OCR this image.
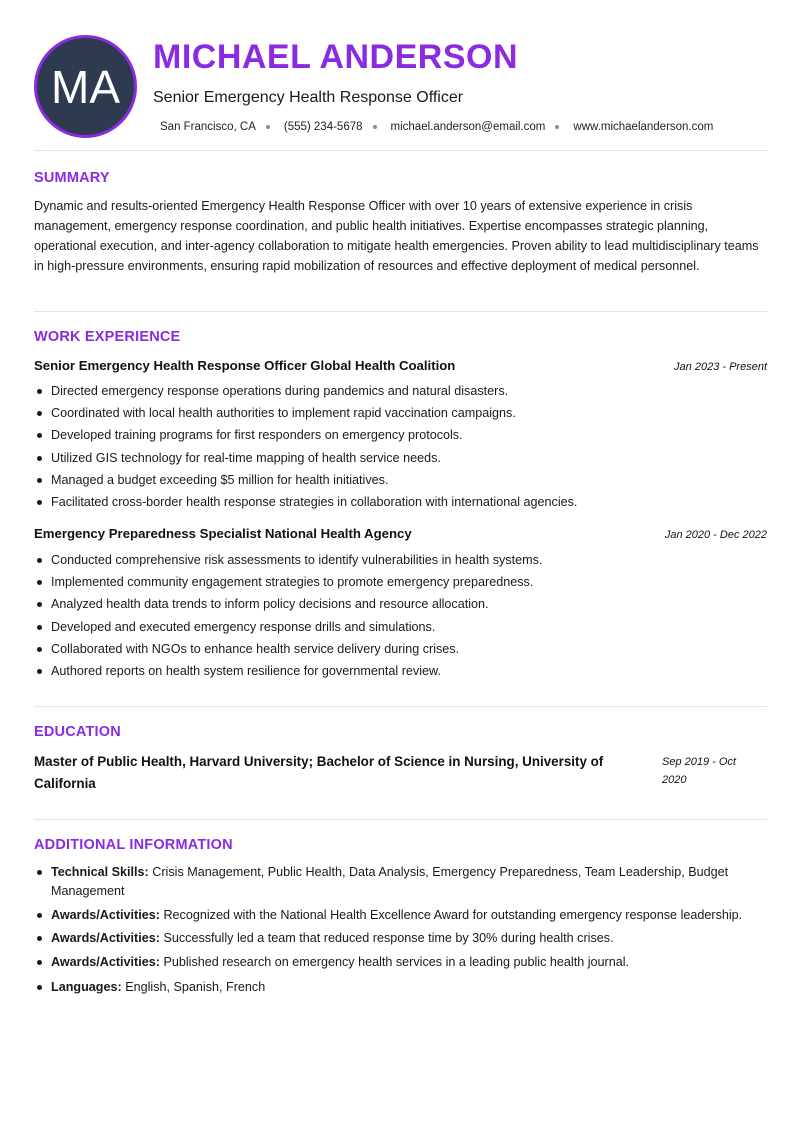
MA
MICHAEL ANDERSON
Senior Emergency Health Response Officer
San Francisco, CA (555) 234-5678 michael.anderson@email.com www.michaelanderson.com
SUMMARY
Dynamic and results-oriented Emergency Health Response Officer with over 10 years of extensive experience in crisis management, emergency response coordination, and public health initiatives. Expertise encompasses strategic planning, operational execution, and inter-agency collaboration to mitigate health emergencies. Proven ability to lead multidisciplinary teams in high-pressure environments, ensuring rapid mobilization of resources and effective deployment of medical personnel.
WORK EXPERIENCE
Senior Emergency Health Response Officer Global Health Coalition	Jan 2023 - Present
Directed emergency response operations during pandemics and natural disasters.
Coordinated with local health authorities to implement rapid vaccination campaigns.
Developed training programs for first responders on emergency protocols.
Utilized GIS technology for real-time mapping of health service needs.
Managed a budget exceeding $5 million for health initiatives.
Facilitated cross-border health response strategies in collaboration with international agencies.
Emergency Preparedness Specialist National Health Agency	Jan 2020 - Dec 2022
Conducted comprehensive risk assessments to identify vulnerabilities in health systems.
Implemented community engagement strategies to promote emergency preparedness.
Analyzed health data trends to inform policy decisions and resource allocation.
Developed and executed emergency response drills and simulations.
Collaborated with NGOs to enhance health service delivery during crises.
Authored reports on health system resilience for governmental review.
EDUCATION
Master of Public Health, Harvard University; Bachelor of Science in Nursing, University of California
Sep 2019 - Oct 2020
ADDITIONAL INFORMATION
Technical Skills: Crisis Management, Public Health, Data Analysis, Emergency Preparedness, Team Leadership, Budget Management
Awards/Activities: Recognized with the National Health Excellence Award for outstanding emergency response leadership.
Awards/Activities: Successfully led a team that reduced response time by 30% during health crises.
Awards/Activities: Published research on emergency health services in a leading public health journal.
Languages: English, Spanish, French
